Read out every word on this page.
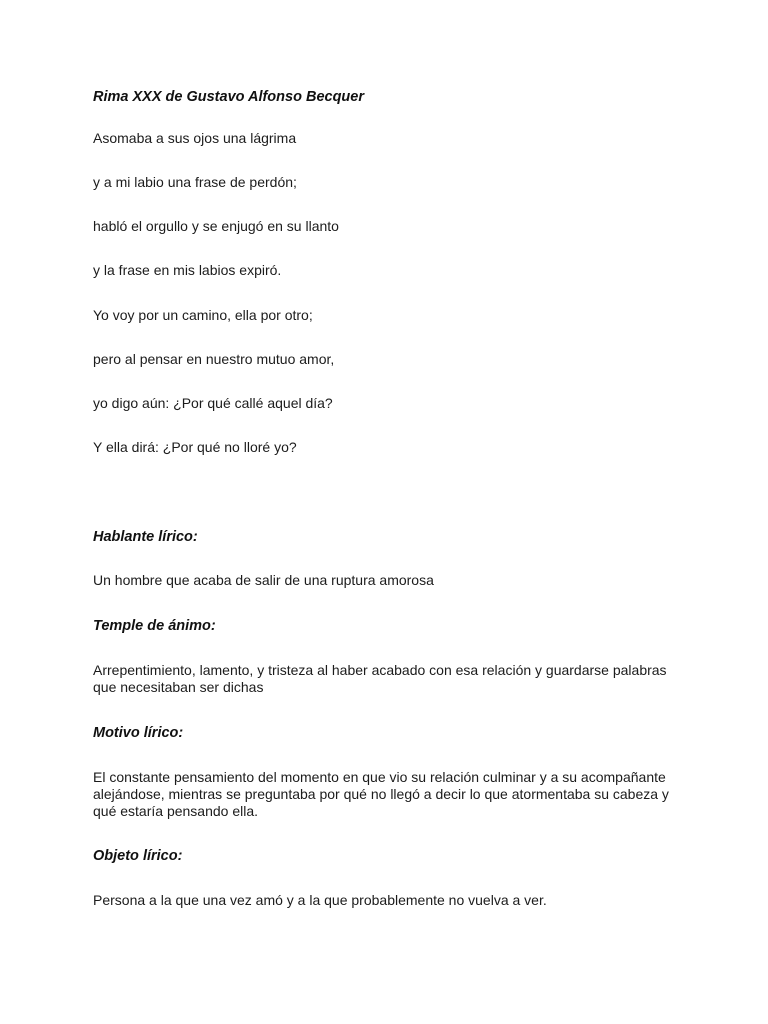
Rima XXX de Gustavo Alfonso Becquer
Asomaba a sus ojos una lágrima
y a mi labio una frase de perdón;
habló el orgullo y se enjugó en su llanto
y la frase en mis labios expiró.
Yo voy por un camino, ella por otro;
pero al pensar en nuestro mutuo amor,
yo digo aún: ¿Por qué callé aquel día?
Y ella dirá: ¿Por qué no lloré yo?
Hablante lírico:
Un hombre que acaba de salir de una ruptura amorosa
Temple de ánimo:
Arrepentimiento, lamento, y tristeza al haber acabado con esa relación y guardarse palabras que necesitaban ser dichas
Motivo lírico:
El constante pensamiento del momento en que vio su relación culminar y a su acompañante alejándose, mientras se preguntaba por qué no llegó a decir lo que atormentaba su cabeza y qué estaría pensando ella.
Objeto lírico:
Persona a la que una vez amó y a la que probablemente no vuelva a ver.
